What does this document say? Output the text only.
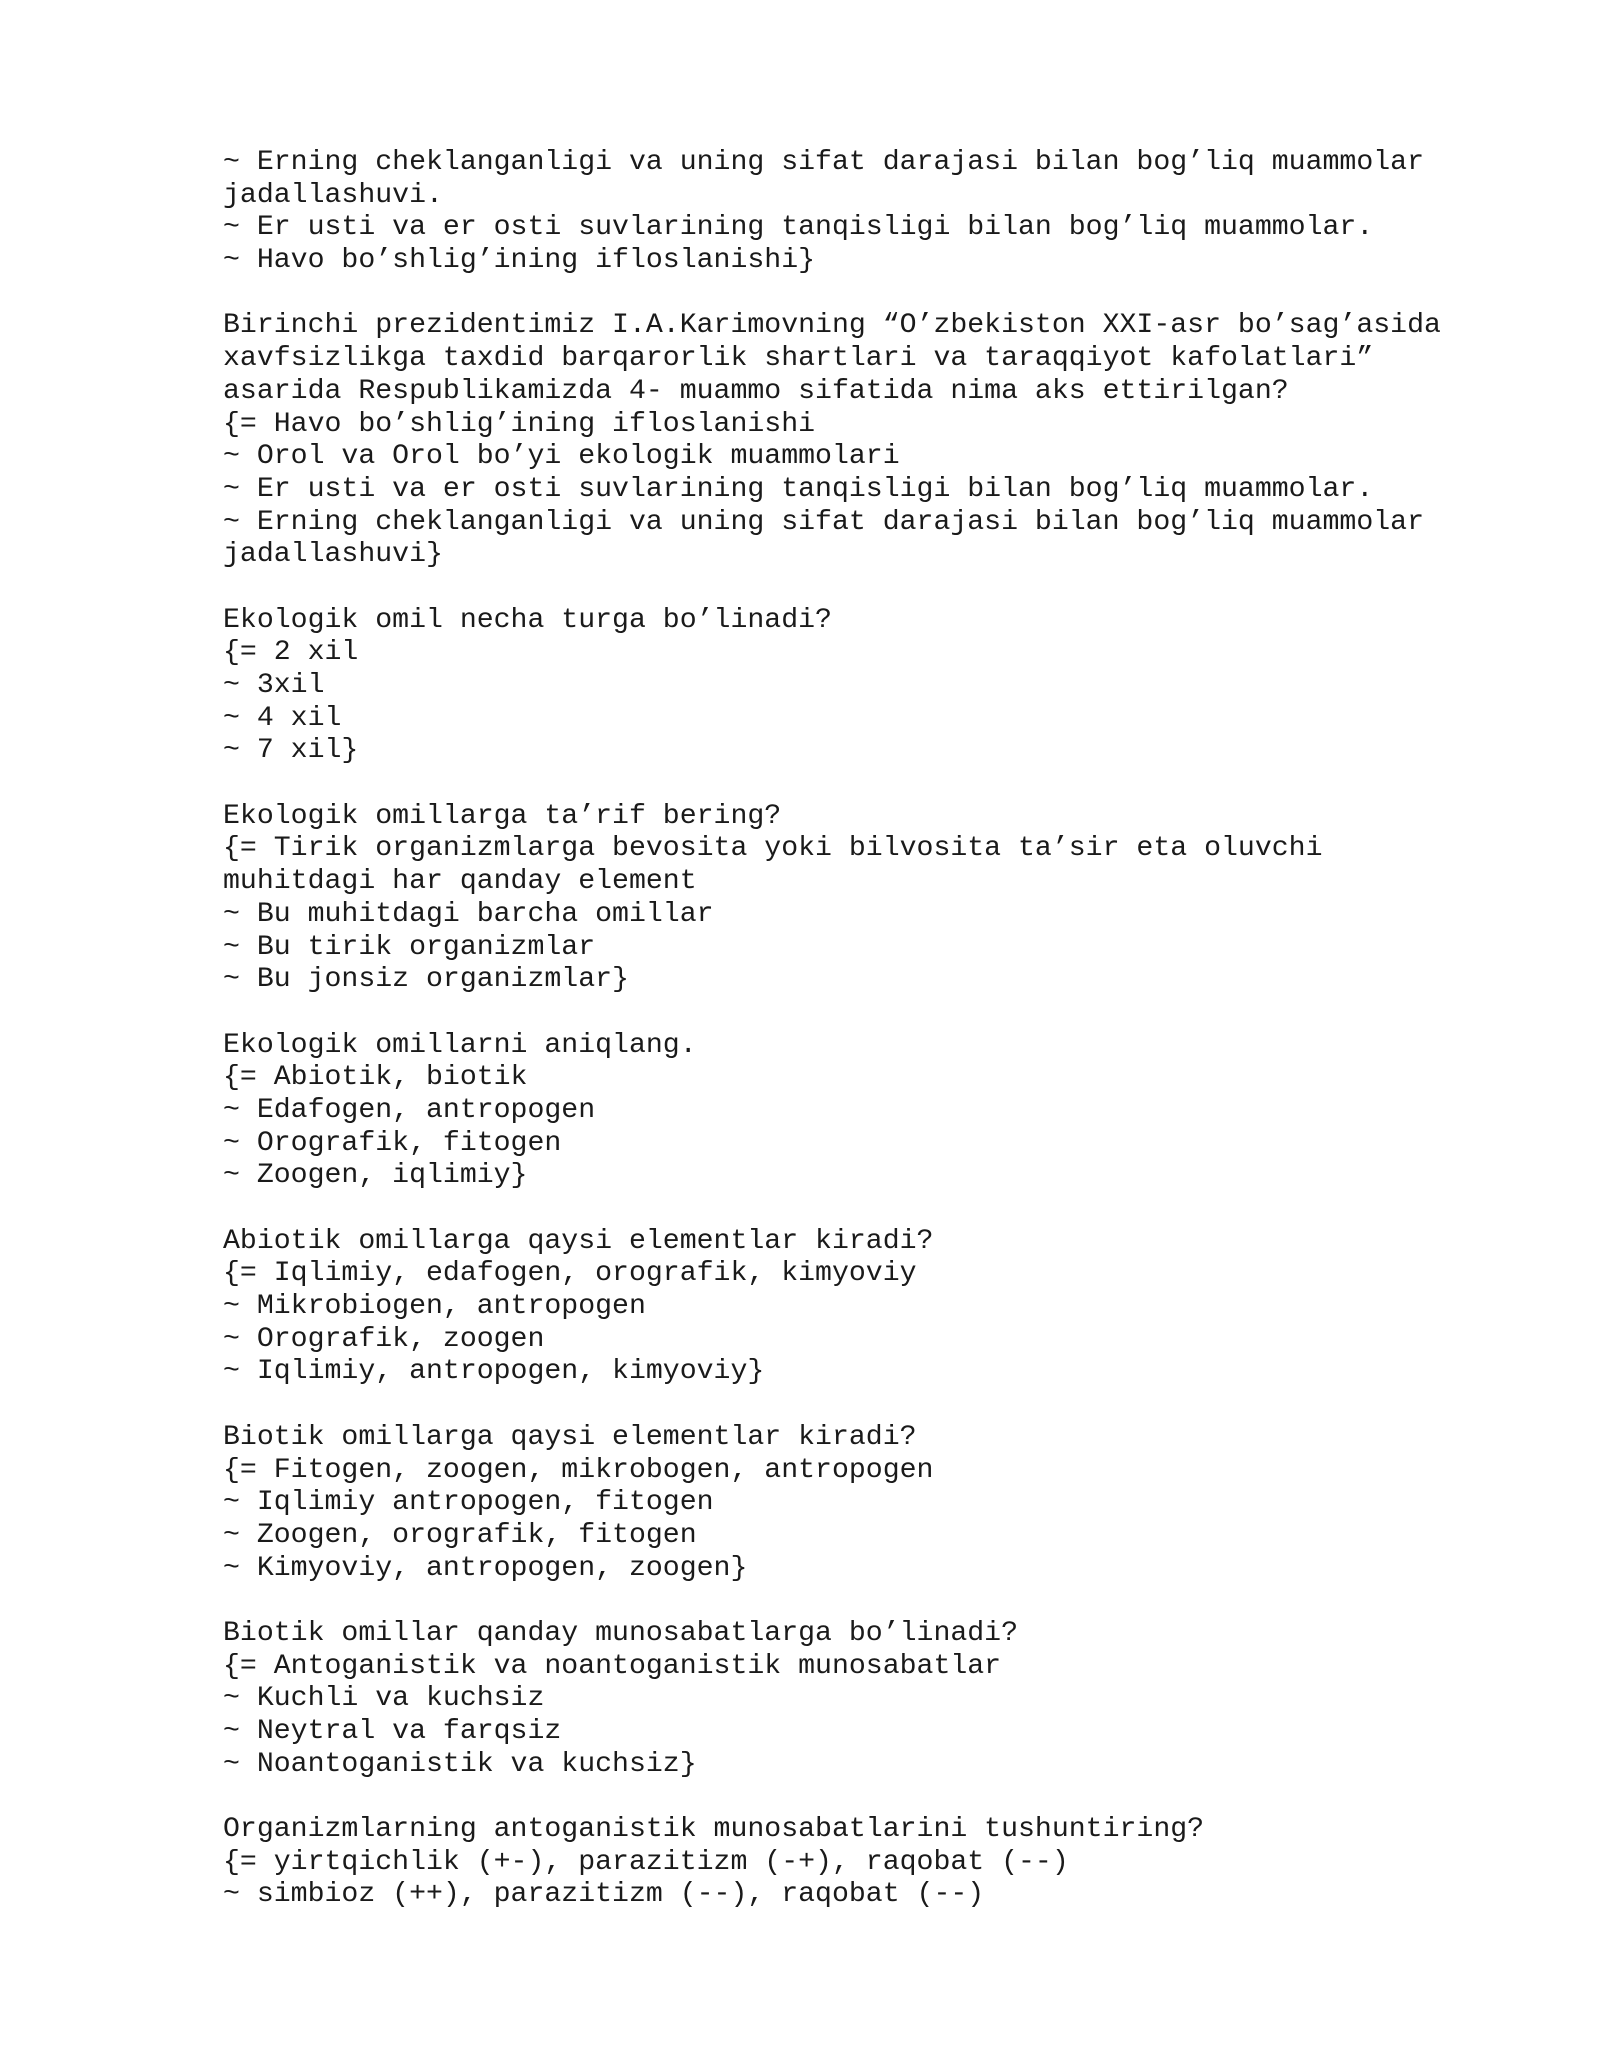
~ Erning cheklanganligi va uning sifat darajasi bilan bog’liq muammolar
jadallashuvi.
~ Er usti va er osti suvlarining tanqisligi bilan bog’liq muammolar.
~ Havo bo’shlig’ining ifloslanishi}
Birinchi prezidentimiz I.A.Karimovning “O’zbekiston XXI-asr bo’sag’asida
xavfsizlikga taxdid barqarorlik shartlari va taraqqiyot kafolatlari”
asarida Respublikamizda 4- muammo sifatida nima aks ettirilgan?
{= Havo bo’shlig’ining ifloslanishi
~ Orol va Orol bo’yi ekologik muammolari
~ Er usti va er osti suvlarining tanqisligi bilan bog’liq muammolar.
~ Erning cheklanganligi va uning sifat darajasi bilan bog’liq muammolar
jadallashuvi}
Ekologik omil necha turga bo’linadi?
{= 2 xil
~ 3xil
~ 4 xil
~ 7 xil}
Ekologik omillarga ta’rif bering?
{= Tirik organizmlarga bevosita yoki bilvosita ta’sir eta oluvchi
muhitdagi har qanday element
~ Bu muhitdagi barcha omillar
~ Bu tirik organizmlar
~ Bu jonsiz organizmlar}
Ekologik omillarni aniqlang.
{= Abiotik, biotik
~ Edafogen, antropogen
~ Orografik, fitogen
~ Zoogen, iqlimiy}
Abiotik omillarga qaysi elementlar kiradi?
{= Iqlimiy, edafogen, orografik, kimyoviy
~ Mikrobiogen, antropogen
~ Orografik, zoogen
~ Iqlimiy, antropogen, kimyoviy}
Biotik omillarga qaysi elementlar kiradi?
{= Fitogen, zoogen, mikrobogen, antropogen
~ Iqlimiy antropogen, fitogen
~ Zoogen, orografik, fitogen
~ Kimyoviy, antropogen, zoogen}
Biotik omillar qanday munosabatlarga bo’linadi?
{= Antoganistik va noantoganistik munosabatlar
~ Kuchli va kuchsiz
~ Neytral va farqsiz
~ Noantoganistik va kuchsiz}
Organizmlarning antoganistik munosabatlarini tushuntiring?
{= yirtqichlik (+-), parazitizm (-+), raqobat (--)
~ simbioz (++), parazitizm (--), raqobat (--)
